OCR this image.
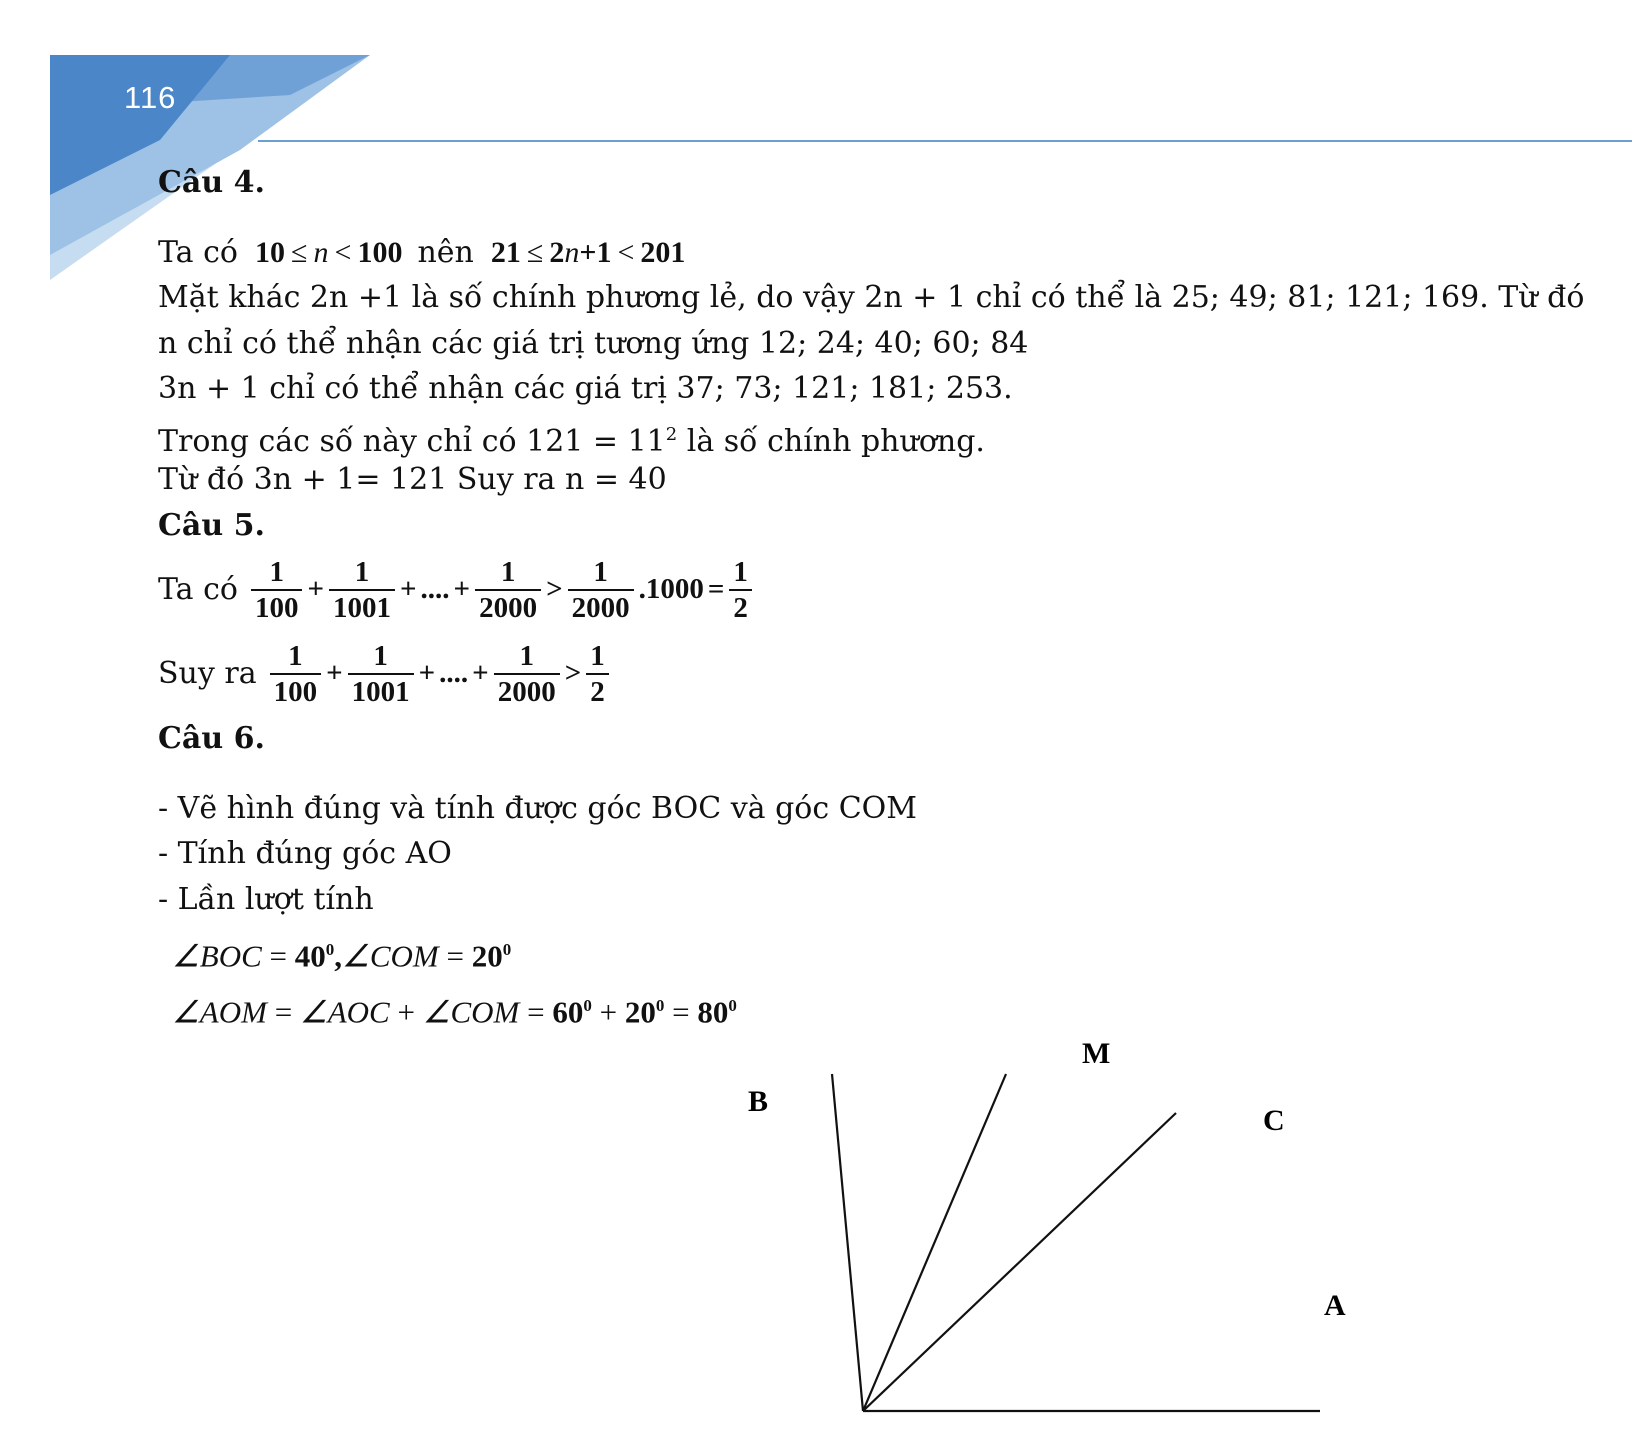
116
Câu 4.
Ta có 10 ≤ n < 100 nên 21 ≤ 2n+1 < 201
Mặt khác 2n +1 là số chính phương lẻ, do vậy 2n + 1 chỉ có thể là 25; 49; 81; 121; 169. Từ đó
n chỉ có thể nhận các giá trị tương ứng 12; 24; 40; 60; 84
3n + 1 chỉ có thể nhận các giá trị 37; 73; 121; 181; 253.
Trong các số này chỉ có $121 = 11^2$ là số chính phương.
Từ đó 3n + 1= 121 Suy ra n = 40
Câu 5.
Ta có $\frac{1}{100} + \frac{1}{1001}$ + .... + $\frac{1}{2000} > \frac{1}{2000} .1000 = \frac{1}{2}$
Suy ra $\frac{1}{100} + \frac{1}{1001}$ + .... + $\frac{1}{2000} > \frac{1}{2}$
Câu 6.
- Vẽ hình đúng và tính được góc BOC và góc COM
- Tính đúng góc AO
- Lần lượt tính
∠BOC = $40^0,\angle COM = 20^0$
∠AOM = ∠AOC + ∠COM = $60^0 + 20^0 = 80^0$
M
B
C
A
